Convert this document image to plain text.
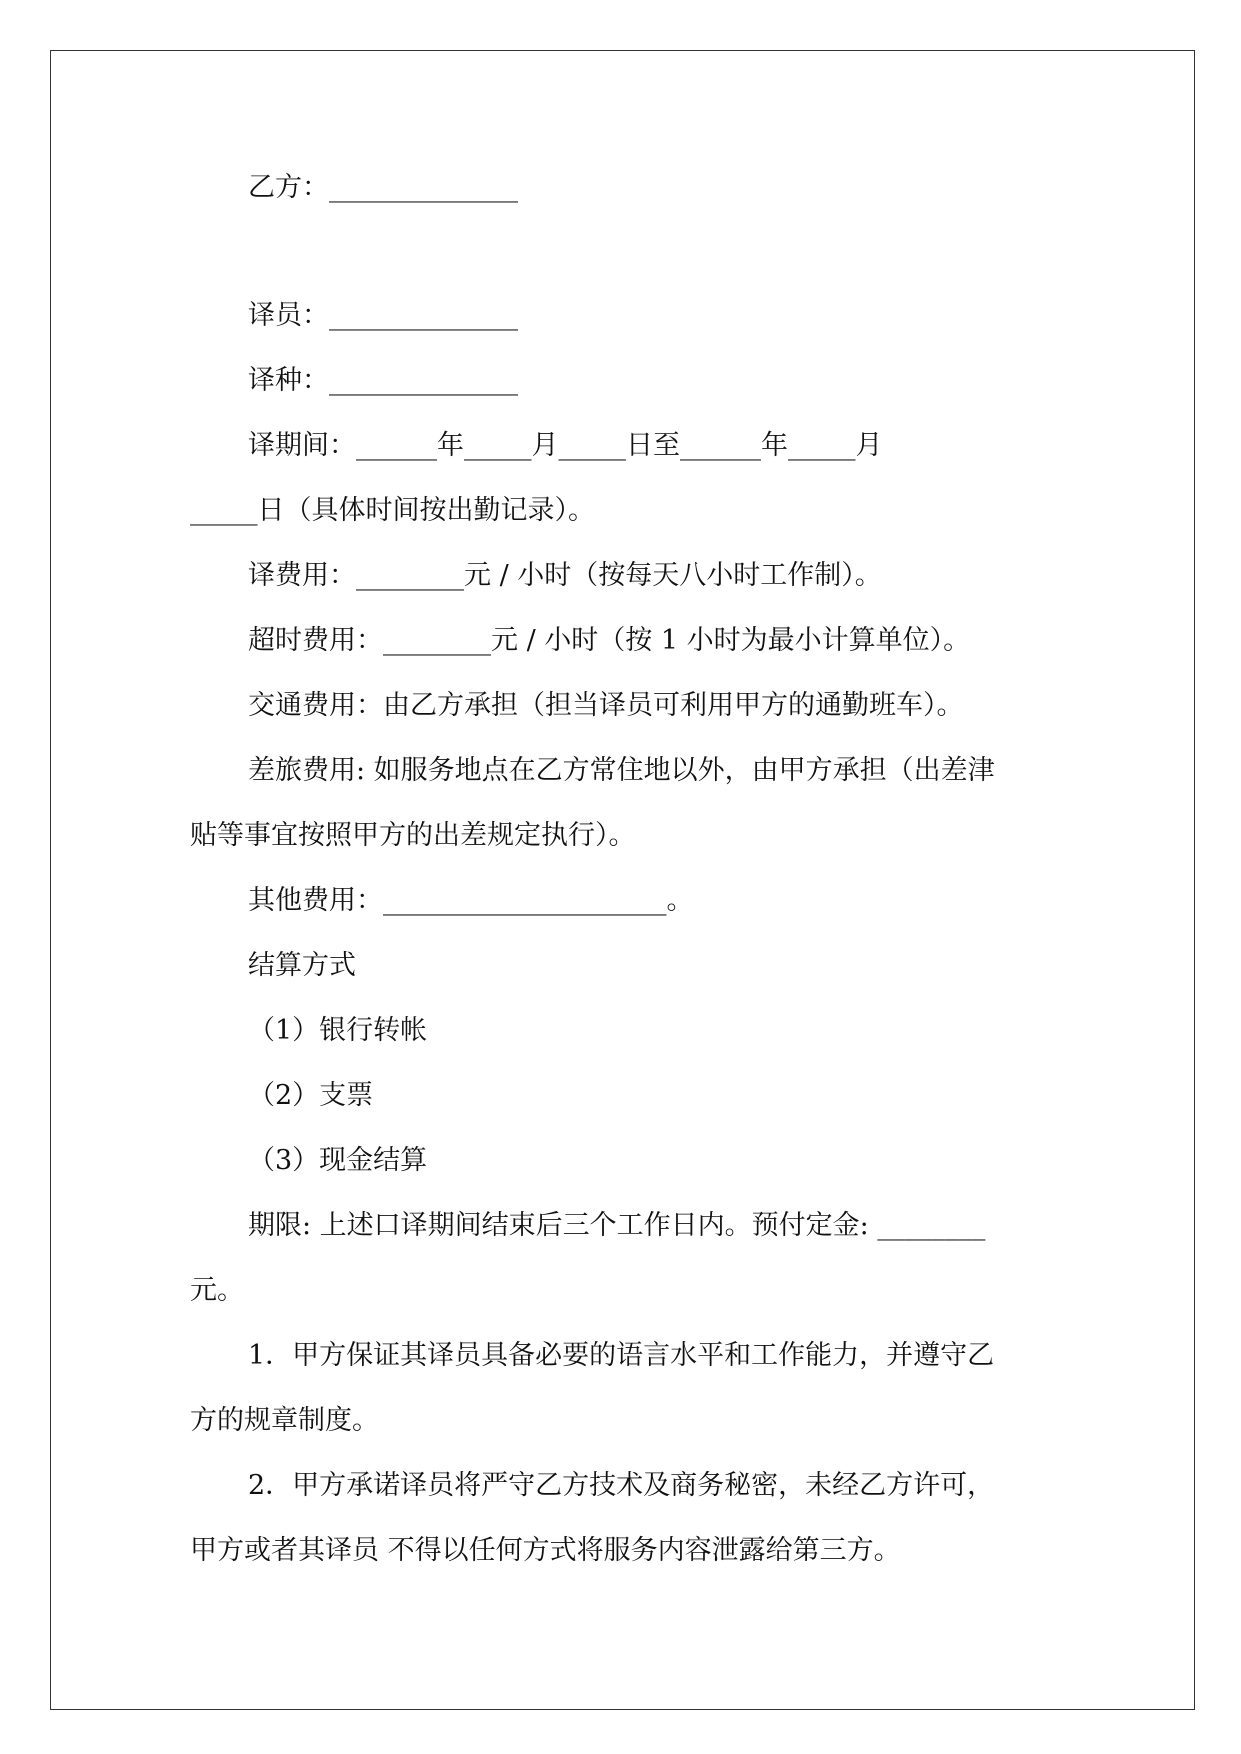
乙方：______________

译员：______________

译种：______________

译期间：______年_____月_____日至______年_____月

_____日（具体时间按出勤记录）。

译费用：________元 / 小时（按每天八小时工作制）。

超时费用：________元 / 小时（按 1 小时为最小计算单位）。

交通费用：由乙方承担（担当译员可利用甲方的通勤班车）。

差旅费用: 如服务地点在乙方常住地以外，由甲方承担（出差津

贴等事宜按照甲方的出差规定执行）。

其他费用：_____________________。

结算方式

（1）银行转帐

（2）支票

（3）现金结算

期限: 上述口译期间结束后三个工作日内。预付定金: ________

元。

1．甲方保证其译员具备必要的语言水平和工作能力，并遵守乙

方的规章制度。

2．甲方承诺译员将严守乙方技术及商务秘密，未经乙方许可，

甲方或者其译员 不得以任何方式将服务内容泄露给第三方。
